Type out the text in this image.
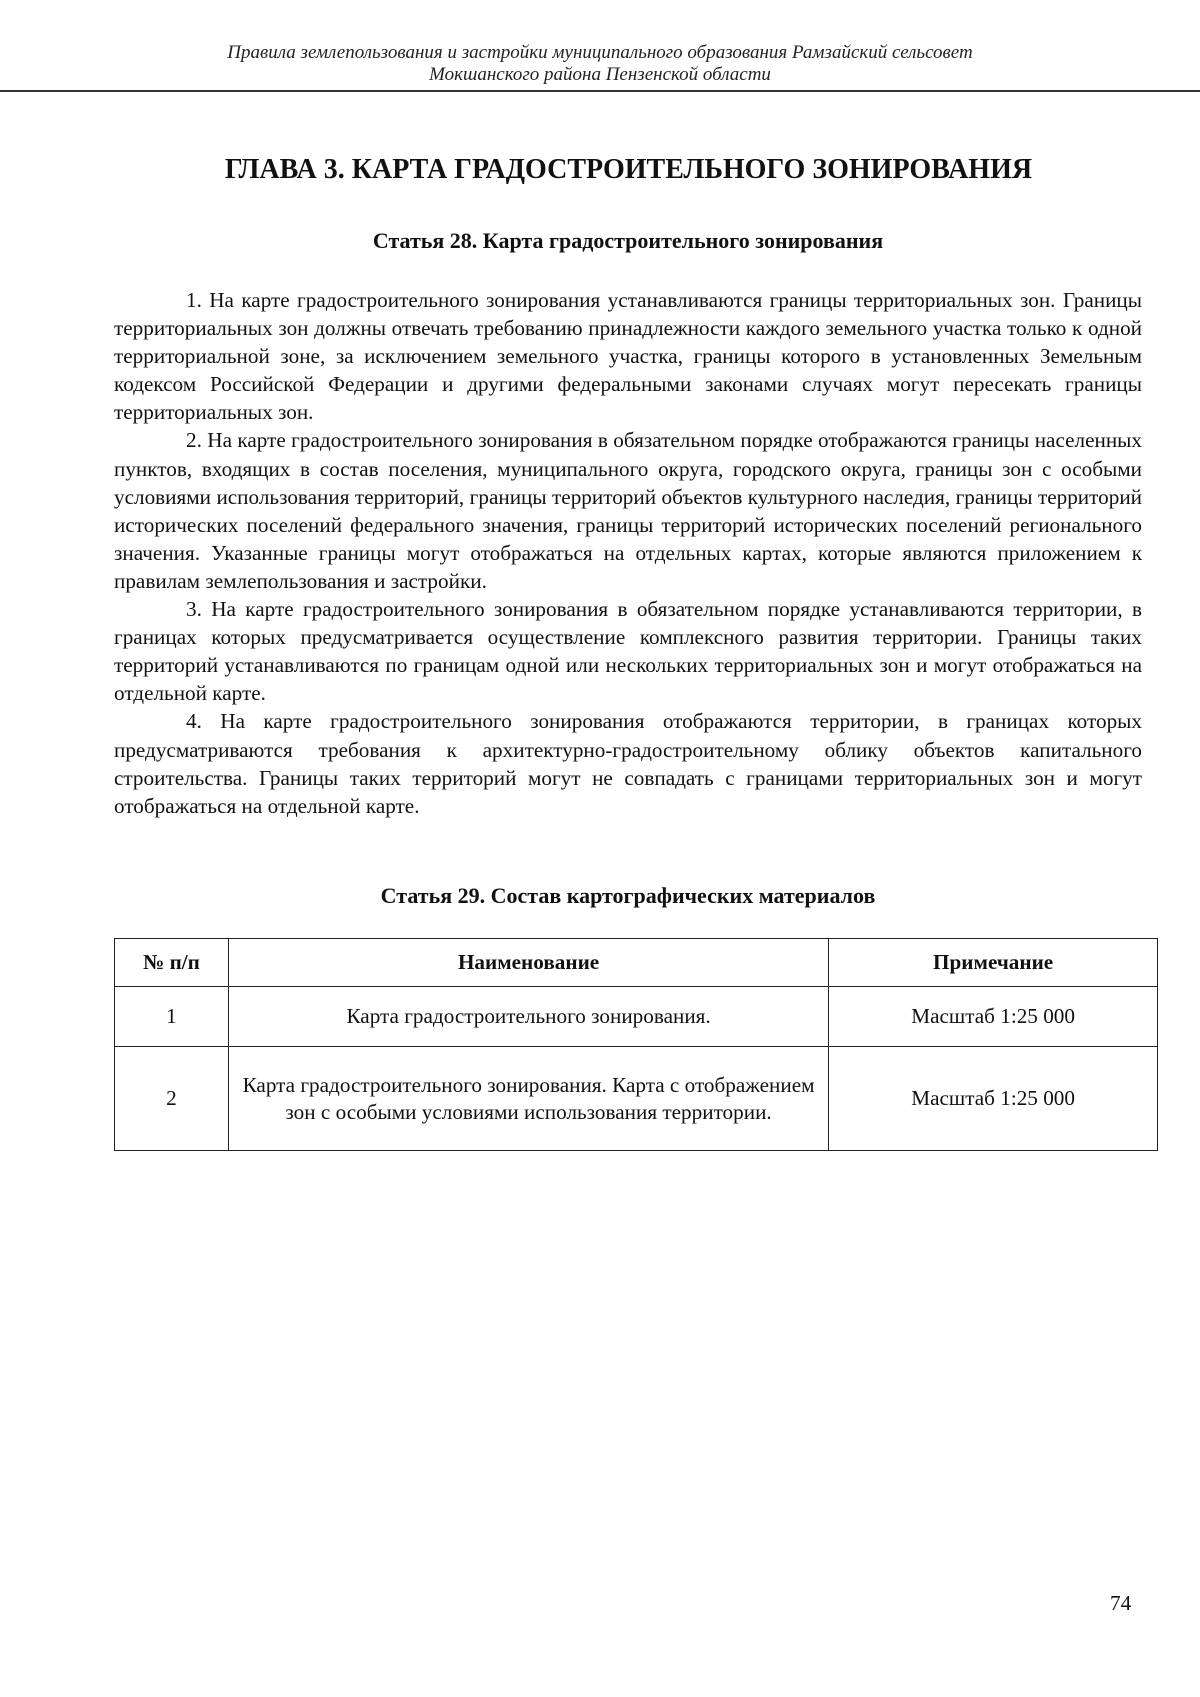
Правила землепользования и застройки муниципального образования Рамзайский сельсовет
Мокшанского района Пензенской области
ГЛАВА 3. КАРТА ГРАДОСТРОИТЕЛЬНОГО ЗОНИРОВАНИЯ
Статья 28. Карта градостроительного зонирования

1. На карте градостроительного зонирования устанавливаются границы территориальных зон. Границы территориальных зон должны отвечать требованию принадлежности каждого земельного участка только к одной территориальной зоне, за исключением земельного участка, границы которого в установленных Земельным кодексом Российской Федерации и другими федеральными законами случаях могут пересекать границы территориальных зон.

2. На карте градостроительного зонирования в обязательном порядке отображаются границы населенных пунктов, входящих в состав поселения, муниципального округа, городского округа, границы зон с особыми условиями использования территорий, границы территорий объектов культурного наследия, границы территорий исторических поселений федерального значения, границы территорий исторических поселений регионального значения. Указанные границы могут отображаться на отдельных картах, которые являются приложением к правилам землепользования и застройки.

3. На карте градостроительного зонирования в обязательном порядке устанавливаются территории, в границах которых предусматривается осуществление комплексного развития территории. Границы таких территорий устанавливаются по границам одной или нескольких территориальных зон и могут отображаться на отдельной карте.

4. На карте градостроительного зонирования отображаются территории, в границах которых предусматриваются требования к архитектурно-градостроительному облику объектов капитального строительства. Границы таких территорий могут не совпадать с границами территориальных зон и могут отображаться на отдельной карте.

Статья 29. Состав картографических материалов
№ п/п	Наименование	Примечание
1	Карта градостроительного зонирования.	Масштаб 1:25 000
2	Карта градостроительного зонирования. Карта с отображением зон с особыми условиями использования территории.	Масштаб 1:25 000
74
